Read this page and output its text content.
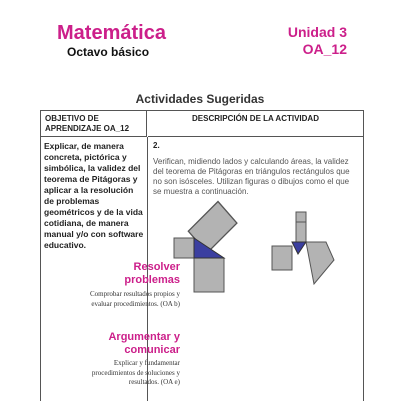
Matemática
Octavo básico
Unidad 3
OA_12
Actividades Sugeridas
OBJETIVO DE APRENDIZAJE OA_12
DESCRIPCIÓN DE LA ACTIVIDAD
Explicar, de manera concreta, pictórica y simbólica, la validez del teorema de Pitágoras y aplicar a la resolución de problemas geométricos y de la vida cotidiana, de manera manual y/o con software educativo.
Resolver problemas
Comprobar resultados propios y evaluar procedimientos. (OA b)
Argumentar y comunicar
Explicar y fundamentar procedimientos de soluciones y resultados. (OA e)
2.
Verifican, midiendo lados y calculando áreas, la validez del teorema de Pitágoras en triángulos rectángulos que no son isósceles. Utilizan figuras o dibujos como el que se muestra a continuación.
